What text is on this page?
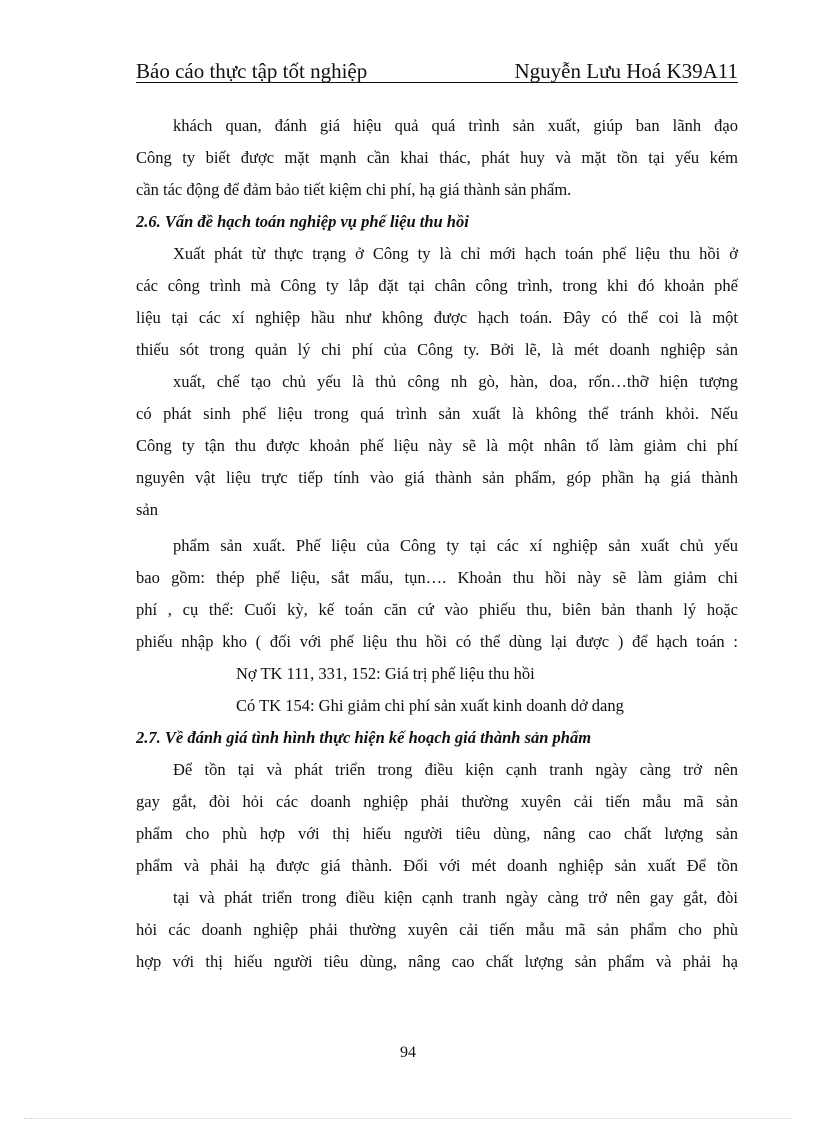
Báo cáo thực tập tốt nghiệp	Nguyễn Lưu Hoá K39A11
khách quan, đánh giá hiệu quả quá trình sản xuất, giúp ban lãnh đạo
Công ty biết được mặt mạnh cần khai thác, phát huy và mặt tồn tại yếu kém
cần tác động để đảm bảo tiết kiệm chi phí, hạ giá thành sản phẩm.
2.6. Vấn đề hạch toán nghiệp vụ phế liệu thu hồi
Xuất phát từ thực trạng ở Công ty là chỉ mới hạch toán phế liệu thu hồi ở
các công trình mà Công ty lắp đặt tại chân công trình, trong khi đó khoản phế
liệu tại các xí nghiệp hầu như không được hạch toán. Đây có thể coi là một
thiếu sót trong quản lý chi phí của Công ty. Bởi lẽ, là mét doanh nghiệp sản
xuất, chế tạo chủ yếu là thủ công nh gò, hàn, doa, rốn…thỡ hiện tượng
có phát sinh phế liệu trong quá trình sản xuất là không thể tránh khỏi. Nếu
Công ty tận thu được khoản phế liệu này sẽ là một nhân tố làm giảm chi phí
nguyên vật liệu trực tiếp tính vào giá thành sản phẩm, góp phần hạ giá thành
sản
phẩm sản xuất. Phế liệu của Công ty tại các xí nghiệp sản xuất chủ yếu
bao gồm: thép phế liệu, sắt mẩu, tụn…. Khoản thu hồi này sẽ làm giảm chi
phí , cụ thể: Cuối kỳ, kế toán căn cứ vào phiếu thu, biên bản thanh lý hoặc
phiếu nhập kho ( đối với phế liệu thu hồi có thể dùng lại được ) để hạch toán :
Nợ TK 111, 331, 152: Giá trị phế liệu thu hồi
Có TK 154: Ghi giảm chi phí sản xuất kinh doanh dở dang
2.7. Về đánh giá tình hình thực hiện kế hoạch giá thành sản phẩm
Để tồn tại và phát triển trong điều kiện cạnh tranh ngày càng trở nên
gay gắt, đòi hỏi các doanh nghiệp phải thường xuyên cải tiến mẫu mã sản
phẩm cho phù hợp với thị hiếu người tiêu dùng, nâng cao chất lượng sản
phẩm và phải hạ được giá thành. Đối với mét doanh nghiệp sản xuất Để tồn
tại và phát triển trong điều kiện cạnh tranh ngày càng trở nên gay gắt, đòi
hỏi các doanh nghiệp phải thường xuyên cải tiến mẫu mã sản phẩm cho phù
hợp với thị hiếu người tiêu dùng, nâng cao chất lượng sản phẩm và phải hạ
94
